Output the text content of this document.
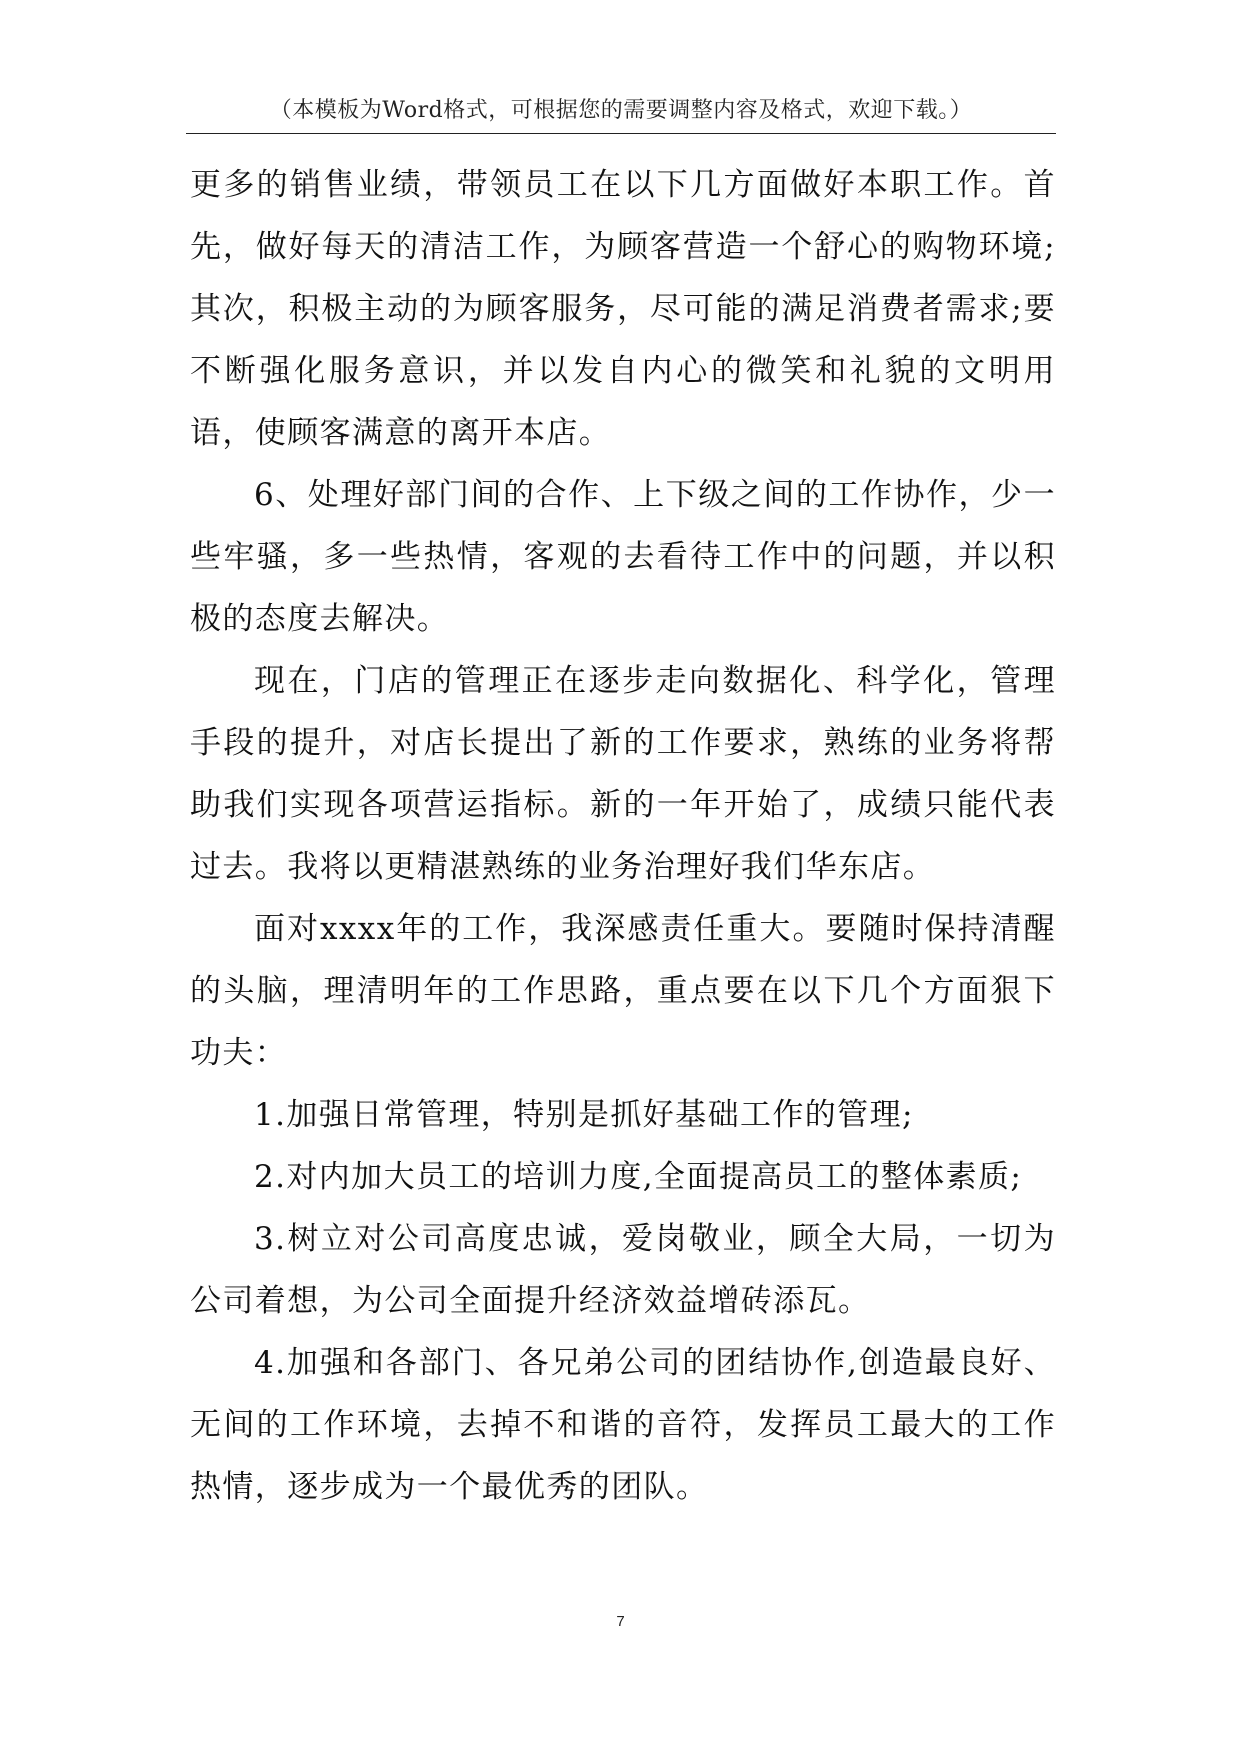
（本模板为Word格式，可根据您的需要调整内容及格式，欢迎下载。）

更多的销售业绩，带领员工在以下几方面做好本职工作。首先，做好每天的清洁工作，为顾客营造一个舒心的购物环境;其次，积极主动的为顾客服务，尽可能的满足消费者需求;要不断强化服务意识，并以发自内心的微笑和礼貌的文明用语，使顾客满意的离开本店。

6、处理好部门间的合作、上下级之间的工作协作，少一些牢骚，多一些热情，客观的去看待工作中的问题，并以积极的态度去解决。

现在，门店的管理正在逐步走向数据化、科学化，管理手段的提升，对店长提出了新的工作要求，熟练的业务将帮助我们实现各项营运指标。新的一年开始了，成绩只能代表过去。我将以更精湛熟练的业务治理好我们华东店。

面对xxxx年的工作，我深感责任重大。要随时保持清醒的头脑，理清明年的工作思路，重点要在以下几个方面狠下功夫：

1.加强日常管理，特别是抓好基础工作的管理;

2.对内加大员工的培训力度,全面提高员工的整体素质;

3.树立对公司高度忠诚，爱岗敬业，顾全大局，一切为公司着想，为公司全面提升经济效益增砖添瓦。

4.加强和各部门、各兄弟公司的团结协作,创造最良好、无间的工作环境，去掉不和谐的音符，发挥员工最大的工作热情，逐步成为一个最优秀的团队。

7
